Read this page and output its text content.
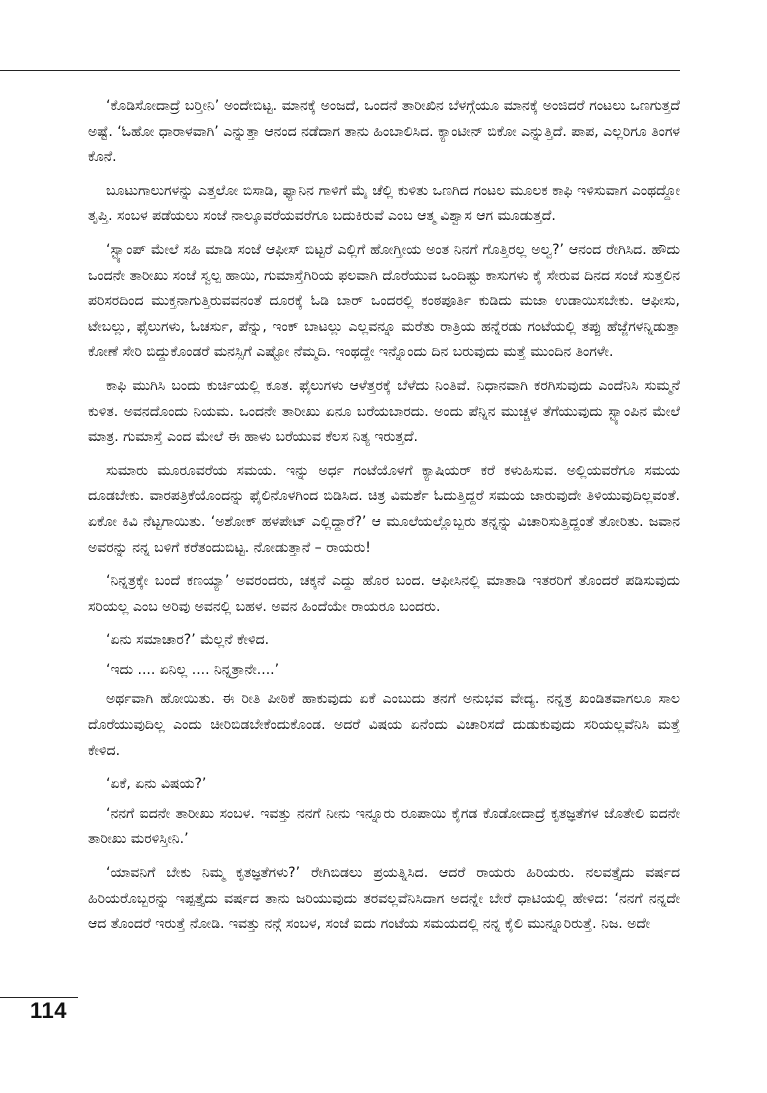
‘ಕೊಡಿಸೋದಾದ್ರೆ ಬರ್‍ತೀನಿ’ ಅಂದೇಬಿಟ್ಟ. ಮಾನಕ್ಕೆ ಅಂಜದೆ, ಒಂದನೆ ತಾರೀಖಿನ ಬೆಳಗ್ಗೆಯೂ ಮಾನಕ್ಕೆ ಅಂಜಿದರೆ ಗಂಟಲು ಒಣಗುತ್ತದೆ ಅಷ್ಟೆ. ‘ಓಹೋ ಧಾರಾಳವಾಗಿ’ ಎನ್ನುತ್ತಾ ಆನಂದ ನಡೆದಾಗ ತಾನು ಹಿಂಬಾಲಿಸಿದ. ಕ್ಯಾಂಟೀನ್ ಬಿಕೋ ಎನ್ನುತ್ತಿದೆ. ಪಾಪ, ಎಲ್ಲರಿಗೂ ತಿಂಗಳ ಕೊನೆ.

ಬೂಟುಗಾಲುಗಳನ್ನು ಎತ್ತಲೋ ಬಿಸಾಡಿ, ಫ್ಯಾನಿನ ಗಾಳಿಗೆ ಮೈ ಚೆಲ್ಲಿ ಕುಳಿತು ಒಣಗಿದ ಗಂಟಲ ಮೂಲಕ ಕಾಫಿ ಇಳಿಸುವಾಗ ಎಂಥದ್ದೋ ತೃಪ್ತಿ. ಸಂಬಳ ಪಡೆಯಲು ಸಂಜೆ ನಾಲ್ಕೂವರೆಯವರೆಗೂ ಬದುಕಿರುವೆ ಎಂಬ ಆತ್ಮ ವಿಶ್ವಾಸ ಆಗ ಮೂಡುತ್ತದೆ.

‘ಸ್ಟ್ಯಾಂಪ್ ಮೇಲೆ ಸಹಿ ಮಾಡಿ ಸಂಜೆ ಆಫೀಸ್ ಬಿಟ್ಟರೆ ಎಲ್ಲಿಗೆ ಹೋಗ್ತೀಯ ಅಂತ ನಿನಗೆ ಗೊತ್ತಿರಲ್ಲ ಅಲ್ವ?’ ಆನಂದ ರೇಗಿಸಿದ. ಹೌದು ಒಂದನೇ ತಾರೀಖು ಸಂಜೆ ಸ್ವಲ್ಪ ಹಾಯಿ, ಗುಮಾಸ್ತೆಗಿರಿಯ ಫಲವಾಗಿ ದೊರೆಯುವ ಒಂದಿಷ್ಟು ಕಾಸುಗಳು ಕೈ ಸೇರುವ ದಿನದ ಸಂಜೆ ಸುತ್ತಲಿನ ಪರಿಸರದಿಂದ ಮುಕ್ತನಾಗುತ್ತಿರುವವನಂತೆ ದೂರಕ್ಕೆ ಓಡಿ ಬಾರ್ ಒಂದರಲ್ಲಿ ಕಂಠಪೂರ್ತಿ ಕುಡಿದು ಮಜಾ ಉಡಾಯಿಸಬೇಕು. ಆಫೀಸು, ಟೇಬಲ್ಲು, ಫೈಲುಗಳು, ಓಚರ್ಸು, ಪೆನ್ನು, ಇಂಕ್ ಬಾಟಲ್ಲು ಎಲ್ಲವನ್ನೂ ಮರೆತು ರಾತ್ರಿಯ ಹನ್ನೆರಡು ಗಂಟೆಯಲ್ಲಿ ತಪ್ಪು ಹೆಜ್ಜೆಗಳನ್ನಿಡುತ್ತಾ ಕೋಣೆ ಸೇರಿ ಬಿದ್ದುಕೊಂಡರೆ ಮನಸ್ಸಿಗೆ ಎಷ್ಟೋ ನೆಮ್ಮದಿ. ಇಂಥದ್ದೇ ಇನ್ನೊಂದು ದಿನ ಬರುವುದು ಮತ್ತೆ ಮುಂದಿನ ತಿಂಗಳೇ.

ಕಾಫಿ ಮುಗಿಸಿ ಬಂದು ಕುರ್ಚಿಯಲ್ಲಿ ಕೂತ. ಫೈಲುಗಳು ಆಳೆತ್ತರಕ್ಕೆ ಬೆಳೆದು ನಿಂತಿವೆ. ನಿಧಾನವಾಗಿ ಕರಗಿಸುವುದು ಎಂದೆನಿಸಿ ಸುಮ್ಮನೆ ಕುಳಿತ. ಅವನದೊಂದು ನಿಯಮ. ಒಂದನೇ ತಾರೀಖು ಏನೂ ಬರೆಯಬಾರದು. ಅಂದು ಪೆನ್ನಿನ ಮುಚ್ಚಳ ತೆಗೆಯುವುದು ಸ್ಟ್ಯಾಂಪಿನ ಮೇಲೆ ಮಾತ್ರ. ಗುಮಾಸ್ತೆ ಎಂದ ಮೇಲೆ ಈ ಹಾಳು ಬರೆಯುವ ಕೆಲಸ ನಿತ್ಯ ಇರುತ್ತದೆ.

ಸುಮಾರು ಮೂರೂವರೆಯ ಸಮಯ. ಇನ್ನು ಅರ್ಧ ಗಂಟೆಯೊಳಗೆ ಕ್ಯಾಷಿಯರ್ ಕರೆ ಕಳುಹಿಸುವ. ಅಲ್ಲಿಯವರೆಗೂ ಸಮಯ ದೂಡಬೇಕು. ವಾರಪತ್ರಿಕೆಯೊಂದನ್ನು ಫೈಲಿನೊಳಗಿಂದ ಬಿಡಿಸಿದ. ಚಿತ್ರ ವಿಮರ್ಶೆ ಓದುತ್ತಿದ್ದರೆ ಸಮಯ ಜಾರುವುದೇ ತಿಳಿಯುವುದಿಲ್ಲವಂತೆ. ಏಕೋ ಕಿವಿ ನೆಟ್ಟಗಾಯಿತು. ‘ಅಶೋಕ್ ಹಳಪೇಟ್ ಎಲ್ಲಿದ್ದಾರೆ?’ ಆ ಮೂಲೆಯಲ್ಲೊಬ್ಬರು ತನ್ನನ್ನು ವಿಚಾರಿಸುತ್ತಿದ್ದಂತೆ ತೋರಿತು. ಜವಾನ ಅವರನ್ನು ನನ್ನ ಬಳಿಗೆ ಕರೆತಂದುಬಿಟ್ಟ. ನೋಡುತ್ತಾನೆ – ರಾಯರು!

‘ನಿನ್ನತ್ರಕ್ಕೇ ಬಂದೆ ಕಣಯ್ಯಾ’ ಅವರಂದರು, ಚಕ್ಕನೆ ಎದ್ದು ಹೊರ ಬಂದ. ಆಫೀಸಿನಲ್ಲಿ ಮಾತಾಡಿ ಇತರರಿಗೆ ತೊಂದರೆ ಪಡಿಸುವುದು ಸರಿಯಲ್ಲ ಎಂಬ ಅರಿವು ಅವನಲ್ಲಿ ಬಹಳ. ಅವನ ಹಿಂದೆಯೇ ರಾಯರೂ ಬಂದರು.

‘ಏನು ಸಮಾಚಾರ?’ ಮೆಲ್ಲನೆ ಕೇಳಿದ.

‘ಇದು .... ಏನಿಲ್ಲ .... ನಿನ್ನತ್ರಾನೇ....’

ಅರ್ಥವಾಗಿ ಹೋಯಿತು. ಈ ರೀತಿ ಪೀಠಿಕೆ ಹಾಕುವುದು ಏಕೆ ಎಂಬುದು ತನಗೆ ಅನುಭವ ವೇದ್ಯ. ನನ್ನತ್ರ ಖಂಡಿತವಾಗಲೂ ಸಾಲ ದೊರೆಯುವುದಿಲ್ಲ ಎಂದು ಚೀರಿಬಿಡಬೇಕೆಂದುಕೊಂಡ. ಅದರೆ ವಿಷಯ ಏನೆಂದು ವಿಚಾರಿಸದೆ ದುಡುಕುವುದು ಸರಿಯಲ್ಲವೆನಿಸಿ ಮತ್ತೆ ಕೇಳಿದ.

‘ಏಕೆ, ಏನು ವಿಷಯ?’

‘ನನಗೆ ಐದನೇ ತಾರೀಖು ಸಂಬಳ. ಇವತ್ತು ನನಗೆ ನೀನು ಇನ್ನೂರು ರೂಪಾಯಿ ಕೈಗಡ ಕೊಡೋದಾದ್ರೆ ಕೃತಜ್ಞತೆಗಳ ಜೊತೇಲಿ ಐದನೇ ತಾರೀಖು ಮರಳಿಸ್ತೀನಿ.’

‘ಯಾವನಿಗೆ ಬೇಕು ನಿಮ್ಮ ಕೃತಜ್ಞತೆಗಳು?’ ರೇಗಿಬಿಡಲು ಪ್ರಯತ್ನಿಸಿದ. ಆದರೆ ರಾಯರು ಹಿರಿಯರು. ನಲವತ್ತೈದು ವರ್ಷದ ಹಿರಿಯರೊಬ್ಬರನ್ನು ಇಪ್ಪತ್ತೈದು ವರ್ಷದ ತಾನು ಜರಿಯುವುದು ತರವಲ್ಲವೆನಿಸಿದಾಗ ಅದನ್ನೇ ಬೇರೆ ಧಾಟಿಯಲ್ಲಿ ಹೇಳಿದ: ‘ನನಗೆ ನನ್ನದೇ ಆದ ತೊಂದರೆ ಇರುತ್ತೆ ನೋಡಿ. ಇವತ್ತು ನನ್ಗೆ ಸಂಬಳ, ಸಂಜೆ ಐದು ಗಂಟೆಯ ಸಮಯದಲ್ಲಿ ನನ್ನ ಕೈಲಿ ಮುನ್ನೂರಿರುತ್ತೆ. ನಿಜ. ಅದೇ

114
